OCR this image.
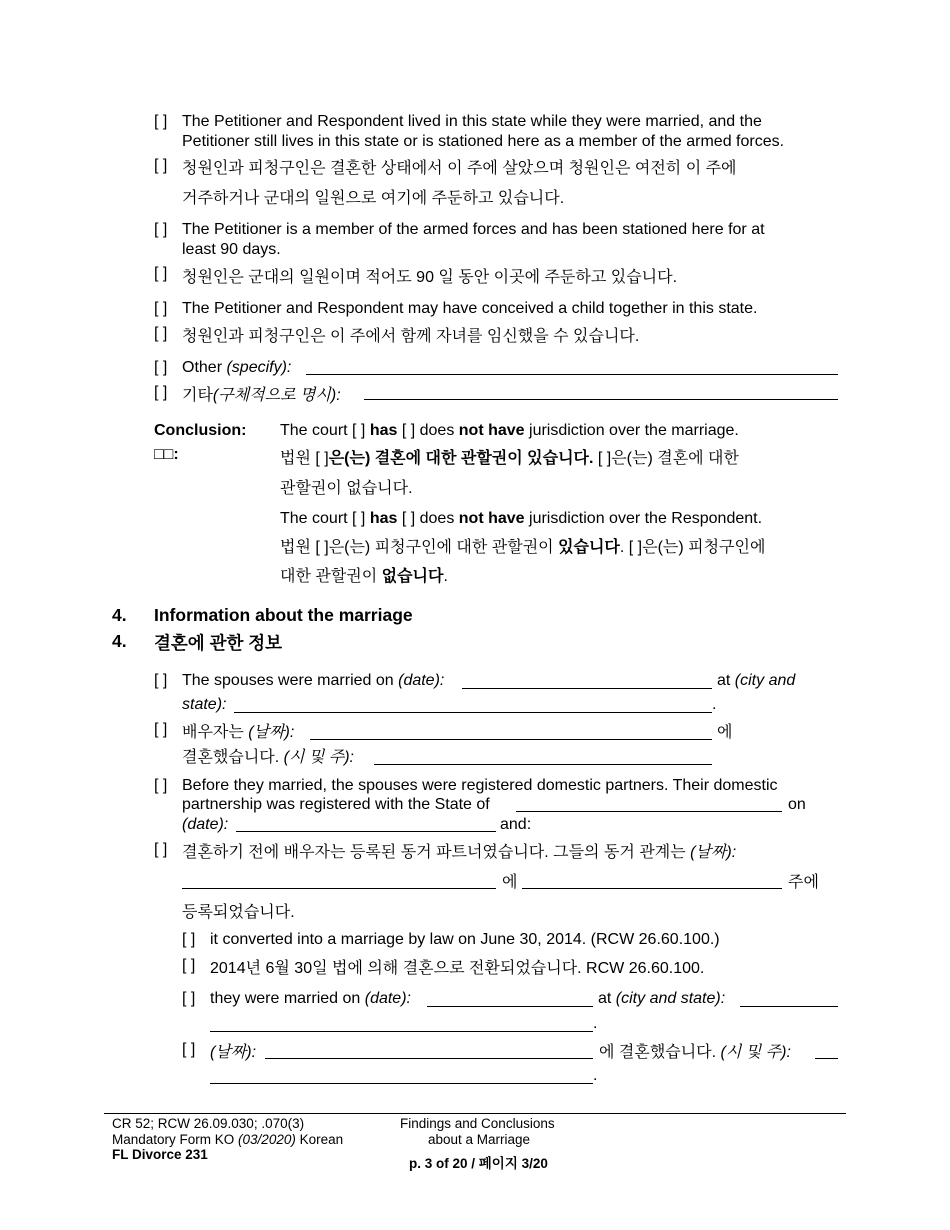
[ ] The Petitioner and Respondent lived in this state while they were married, and the
Petitioner still lives in this state or is stationed here as a member of the armed forces.
[ ] 청원인과 피청구인은 결혼한 상태에서 이 주에 살았으며 청원인은 여전히 이 주에
거주하거나 군대의 일원으로 여기에 주둔하고 있습니다.
[ ] The Petitioner is a member of the armed forces and has been stationed here for at
least 90 days.
[ ] 청원인은 군대의 일원이며 적어도 90 일 동안 이곳에 주둔하고 있습니다.
[ ] The Petitioner and Respondent may have conceived a child together in this state.
[ ] 청원인과 피청구인은 이 주에서 함께 자녀를 임신했을 수 있습니다.
[ ] Other (specify):
[ ] 기타(구체적으로 명시):
Conclusion:
□□:
The court [ ] has [ ] does not have jurisdiction over the marriage.
법원 [ ]은(는) 결혼에 대한 관할권이 있습니다. [ ]은(는) 결혼에 대한
관할권이 없습니다.
The court [ ] has [ ] does not have jurisdiction over the Respondent.
법원 [ ]은(는) 피청구인에 대한 관할권이 있습니다. [ ]은(는) 피청구인에
대한 관할권이 없습니다.
4. Information about the marriage
4. 결혼에 관한 정보
[ ] The spouses were married on (date):	at (city and
state):	.
[ ] 배우자는 (날짜):	에
결혼했습니다. (시 및 주):
[ ] Before they married, the spouses were registered domestic partners. Their domestic
partnership was registered with the State of	on
(date):	and:
[ ] 결혼하기 전에 배우자는 등록된 동거 파트너였습니다. 그들의 동거 관계는 (날짜):
에	주에
등록되었습니다.
[ ] it converted into a marriage by law on June 30, 2014. (RCW 26.60.100.)
[ ] 2014년 6월 30일 법에 의해 결혼으로 전환되었습니다. RCW 26.60.100.
[ ] they were married on (date):	at (city and state):
.
[ ] (날짜):	에 결혼했습니다. (시 및 주):
.
CR 52; RCW 26.09.030; .070(3)
Mandatory Form KO (03/2020) Korean
FL Divorce 231
Findings and Conclusions
about a Marriage
p. 3 of 20 / 페이지 3/20
